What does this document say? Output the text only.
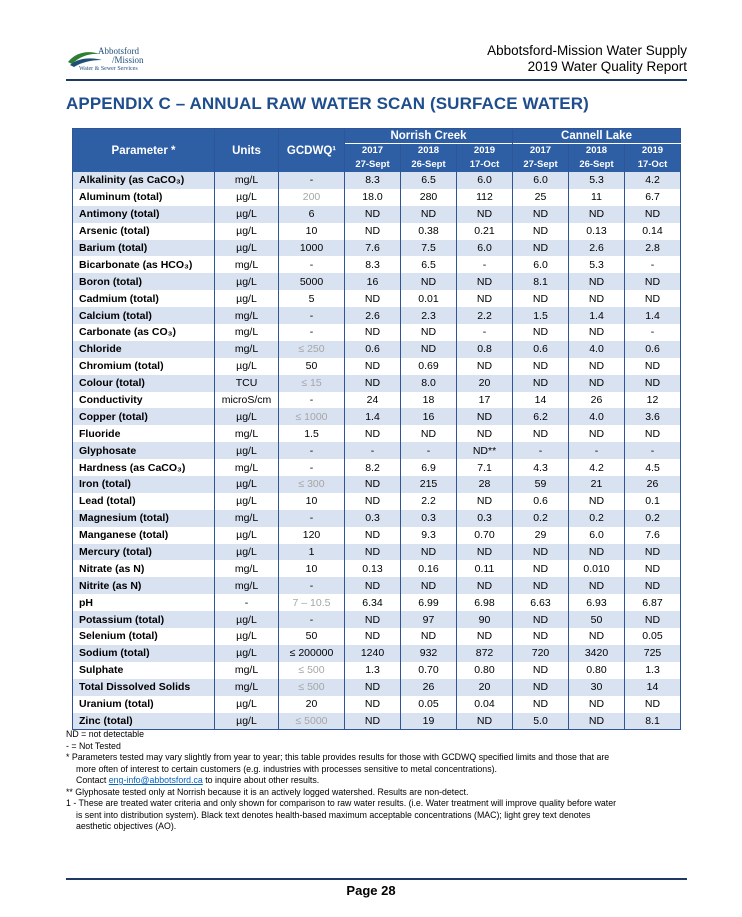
Abbotsford
/Mission
Water & Sewer Services
Abbotsford-Mission Water Supply
2019 Water Quality Report
APPENDIX C – ANNUAL RAW WATER SCAN (SURFACE WATER)
Parameter *	Units	GCDWQ¹	Norrish Creek			Cannell Lake		
			2017	2018	2019	2017	2018	2019
			27-Sept	26-Sept	17-Oct	27-Sept	26-Sept	17-Oct
Alkalinity (as CaCO₃)	mg/L	-	8.3	6.5	6.0	6.0	5.3	4.2
Aluminum (total)	µg/L	200	18.0	280	112	25	11	6.7
Antimony (total)	µg/L	6	ND	ND	ND	ND	ND	ND
Arsenic (total)	µg/L	10	ND	0.38	0.21	ND	0.13	0.14
Barium (total)	µg/L	1000	7.6	7.5	6.0	ND	2.6	2.8
Bicarbonate (as HCO₃)	mg/L	-	8.3	6.5	-	6.0	5.3	-
Boron (total)	µg/L	5000	16	ND	ND	8.1	ND	ND
Cadmium (total)	µg/L	5	ND	0.01	ND	ND	ND	ND
Calcium (total)	mg/L	-	2.6	2.3	2.2	1.5	1.4	1.4
Carbonate (as CO₃)	mg/L	-	ND	ND	-	ND	ND	-
Chloride	mg/L	≤ 250	0.6	ND	0.8	0.6	4.0	0.6
Chromium (total)	µg/L	50	ND	0.69	ND	ND	ND	ND
Colour (total)	TCU	≤ 15	ND	8.0	20	ND	ND	ND
Conductivity	microS/cm	-	24	18	17	14	26	12
Copper (total)	µg/L	≤ 1000	1.4	16	ND	6.2	4.0	3.6
Fluoride	mg/L	1.5	ND	ND	ND	ND	ND	ND
Glyphosate	µg/L	-	-	-	ND**	-	-	-
Hardness (as CaCO₃)	mg/L	-	8.2	6.9	7.1	4.3	4.2	4.5
Iron (total)	µg/L	≤ 300	ND	215	28	59	21	26
Lead (total)	µg/L	10	ND	2.2	ND	0.6	ND	0.1
Magnesium (total)	mg/L	-	0.3	0.3	0.3	0.2	0.2	0.2
Manganese (total)	µg/L	120	ND	9.3	0.70	29	6.0	7.6
Mercury (total)	µg/L	1	ND	ND	ND	ND	ND	ND
Nitrate (as N)	mg/L	10	0.13	0.16	0.11	ND	0.010	ND
Nitrite (as N)	mg/L	-	ND	ND	ND	ND	ND	ND
pH	-	7 – 10.5	6.34	6.99	6.98	6.63	6.93	6.87
Potassium (total)	µg/L	-	ND	97	90	ND	50	ND
Selenium (total)	µg/L	50	ND	ND	ND	ND	ND	0.05
Sodium (total)	µg/L	≤ 200000	1240	932	872	720	3420	725
Sulphate	mg/L	≤ 500	1.3	0.70	0.80	ND	0.80	1.3
Total Dissolved Solids	mg/L	≤ 500	ND	26	20	ND	30	14
Uranium (total)	µg/L	20	ND	0.05	0.04	ND	ND	ND
Zinc (total)	µg/L	≤ 5000	ND	19	ND	5.0	ND	8.1

ND = not detectable

- = Not Tested

* Parameters tested may vary slightly from year to year; this table provides results for those with GCDWQ specified limits and those that are

more often of interest to certain customers (e.g. industries with processes sensitive to metal concentrations).

Contact eng-info@abbotsford.ca to inquire about other results.

** Glyphosate tested only at Norrish because it is an actively logged watershed. Results are non-detect.

1 - These are treated water criteria and only shown for comparison to raw water results. (i.e. Water treatment will improve quality before water

is sent into distribution system). Black text denotes health-based maximum acceptable concentrations (MAC); light grey text denotes

aesthetic objectives (AO).

Page 28
